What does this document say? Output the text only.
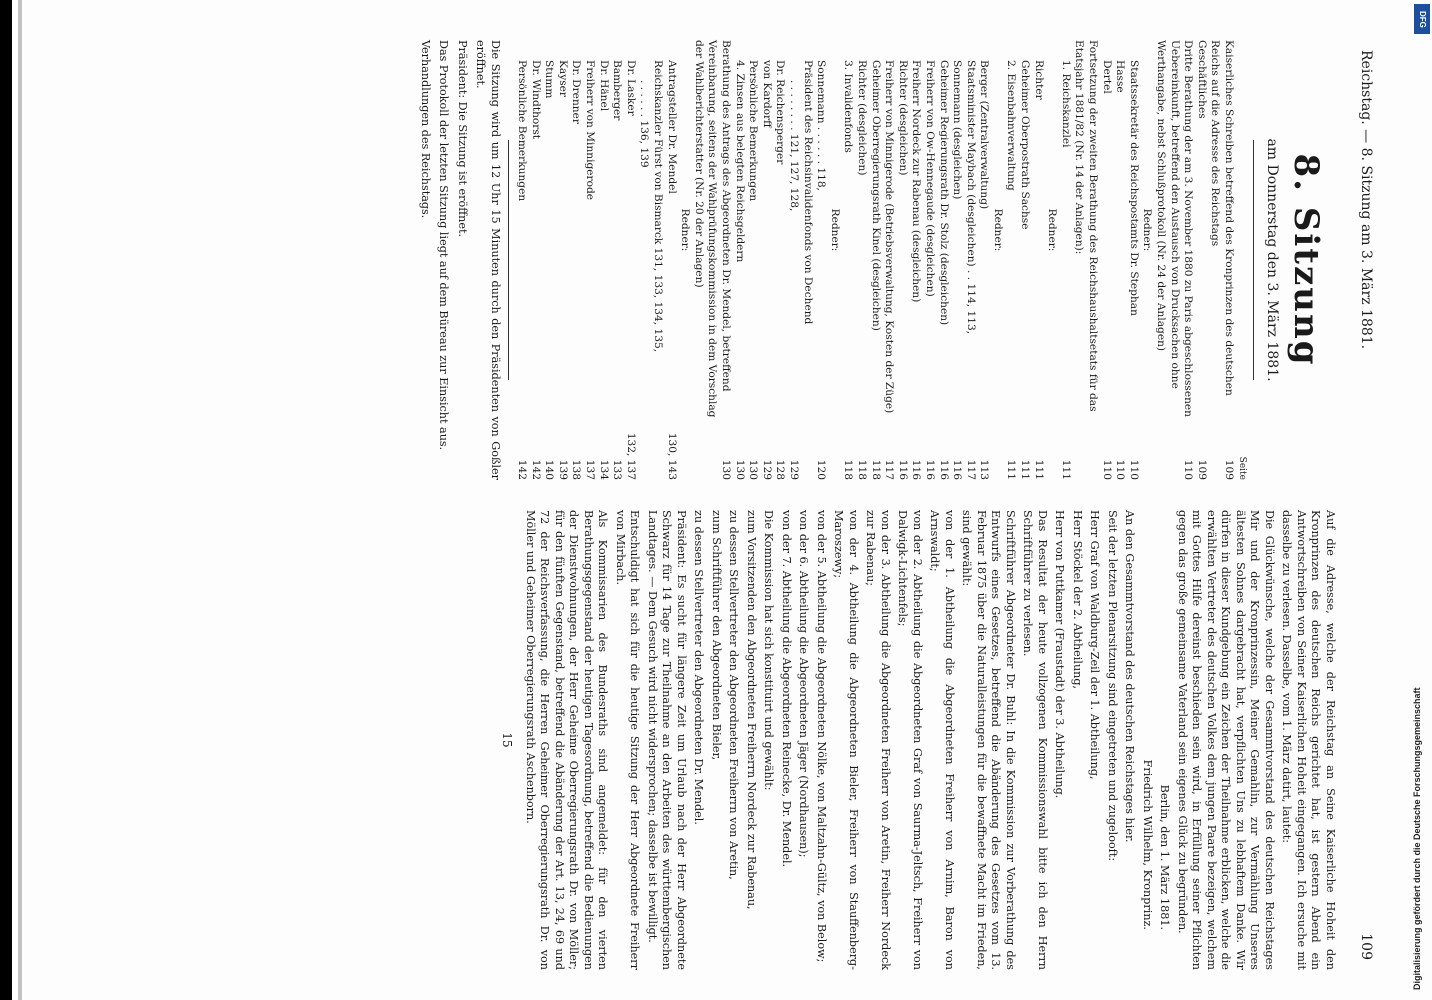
Reichstag. — 8. Sitzung am 3. März 1881.
109
8. Sitzung
am Donnerstag den 3. März 1881.
Seite
Kaiserliches Schreiben betreffend des Kronprinzen des deutschen Reichs auf die Adresse des Reichstags
109
Geschäftliches
109
Dritte Berathung der am 3. November 1880 zu Paris abgeschlossenen Uebereinkunft, betreffend den Austausch von Drucksachen ohne Werthangabe, nebst Schlußprotokoll (Nr. 24 der Anlagen)
110
Redner:
Staatssekretär des Reichspostamts Dr. Stephan
110
Hasse
110
Dertel
110
Fortsetzung der zweiten Berathung des Reichshaushaltsetats für das Etatsjahr 1881/82 (Nr. 14 der Anlagen):
1. Reichskanzlei
111
Redner:
Richter
111
Geheimer Oberpostrath Sachse
111
2. Eisenbahnverwaltung
111
Redner:
Berger (Zentralverwaltung)
113
Staatsminister Maybach (desgleichen) . . 114, 113,
117
Sonnemann (desgleichen)
116
Geheimer Regierungsrath Dr. Stolz (desgleichen)
116
Freiherr von Ow-Hennegaude (desgleichen)
116
Freiherr Nordeck zur Rabenau (desgleichen)
116
Richter (desgleichen)
116
Freiherr von Minnigerode (Betriebsverwaltung, Kosten der Züge)
117
Geheimer Oberregierungsrath Kinel (desgleichen)
118
Richter (desgleichen)
118
3. Invalidenfonds
118
Redner:
Sonnemann . . . . . . 118,
120
Präsident des Reichsinvalidenfonds von Dechend
. . . . . . . . 121, 127, 128,
129
Dr. Reichensperger
128
von Kardorff
129
Persönliche Bemerkungen
130
4. Zinsen aus belegten Reichsgeldern
130
Berathung des Antrags des Abgeordneten Dr. Mendel, betreffend Vereinbarung, seitens der Wahlprüfungskommission in dem Vorschlag der Wahlberichterstatter (Nr. 20 der Anlagen)
130
Redner:
Antragsteller Dr. Mendel
130, 143
Reichskanzler Fürst von Bismarck 131, 133, 134, 135,
. . . . . . 136, 139
Dr. Lasker
132, 137
Bamberger
133
Dr. Hänel
134
Freiherr von Minnigerode
137
Dr. Drenner
138
Kayser
139
Stumm
140
Dr. Windthorst
142
Persönliche Bemerkungen
142

Die Sitzung wird um 12 Uhr 15 Minuten durch den Präsidenten von Goßler eröffnet.

Präsident: Die Sitzung ist eröffnet.

Das Protokoll der letzten Sitzung liegt auf dem Büreau zur Einsicht aus.

Verhandlungen des Reichstags.

Auf die Adresse, welche der Reichstag an Seine Kaiserliche Hoheit den Kronprinzen des deutschen Reichs gerichtet hat, ist gestern Abend ein Antwortschreiben von Seiner Kaiserlichen Hoheit eingegangen. Ich ersuche mit dasselbe zu verlesen. Dasselbe, vom 1. März datirt, lautet:

Die Glückwünsche, welche der Gesammtvorstand des deutschen Reichstages Mir und der Kronprinzessin, Meiner Gemahlin, zur Vermählung Unseres ältesten Sohnes dargebracht hat, verpflichten Uns zu lebhaftem Danke. Wir dürfen in dieser Kundgebung ein Zeichen der Theilnahme erblicken, welche die erwählten Vertreter des deutschen Volkes dem jungen Paare bezeigen, welchem mit Gottes Hilfe dereinst beschieden sein wird, in Erfüllung seiner Pflichten gegen das große gemeinsame Vaterland sein eigenes Glück zu begründen.

Berlin, den 1. März 1881.

Friedrich Wilhelm, Kronprinz.

An den Gesammtvorstand des deutschen Reichstages hier.

Seit der letzten Plenarsitzung sind eingetreten und zugelooft:

Herr Graf von Waldburg-Zeil der 1. Abtheilung,

Herr Stöckel der 2. Abtheilung,

Herr von Puttkamer (Fraustadt) der 3. Abtheilung.

Das Resultat der heute vollzogenen Kommissionswahl bitte ich den Herrn Schriftführer zu verlesen.

Schriftführer Abgeordneter Dr. Buhl: In die Kommission zur Vorberathung des Entwurfs eines Gesetzes, betreffend die Abänderung des Gesetzes vom 13. Februar 1875 über die Naturalleistungen für die bewaffnete Macht im Frieden, sind gewählt:

von der 1. Abtheilung die Abgeordneten Freiherr von Arnim, Baron von Arnswaldt;

von der 2. Abtheilung die Abgeordneten Graf von Saurma-Jeltsch, Freiherr von Dalwigk-Lichtenfels;

von der 3. Abtheilung die Abgeordneten Freiherr von Aretin, Freiherr Nordeck zur Rabenau;

von der 4. Abtheilung die Abgeordneten Bieler, Freiherr von Stauffenberg-Maroszewy;

von der 5. Abtheilung die Abgeordneten Nölke, von Maltzahn-Gültz, von Below;

von der 6. Abtheilung die Abgeordneten Jäger (Nordhausen);

von der 7. Abtheilung die Abgeordneten Reinecke, Dr. Mendel.

Die Kommission hat sich konstituirt und gewählt:

zum Vorsitzenden den Abgeordneten Freiherrn Nordeck zur Rabenau,

zu dessen Stellvertreter den Abgeordneten Freiherrn von Aretin,

zum Schriftführer den Abgeordneten Bieler,

zu dessen Stellvertreter den Abgeordneten Dr. Mendel.

Präsident: Es sucht für längere Zeit um Urlaub nach der Herr Abgeordnete Schwarz für 14 Tage zur Theilnahme an den Arbeiten des württembergischen Landtages. — Dem Gesuch wird nicht widersprochen; dasselbe ist bewilligt.

Entschuldigt hat sich für die heutige Sitzung der Herr Abgeordnete Freiherr von Mirbach.

Als Kommissarien des Bundesraths sind angemeldet: für den vierten Berathungsgegenstand der heutigen Tagesordnung, betreffend die Bedienungen der Dienstwohnungen, der Herr Geheime Oberregierungsrath Dr. von Möller; für den fünften Gegenstand, betreffend die Abänderung der Art. 13, 24, 69 und 72 der Reichsverfassung, die Herren Geheimer Oberregierungsrath Dr. von Möller und Geheimer Oberregierungsrath Aschenborn.

15
DFG
Digitalisierung gefördert durch die Deutsche Forschungsgemeinschaft
